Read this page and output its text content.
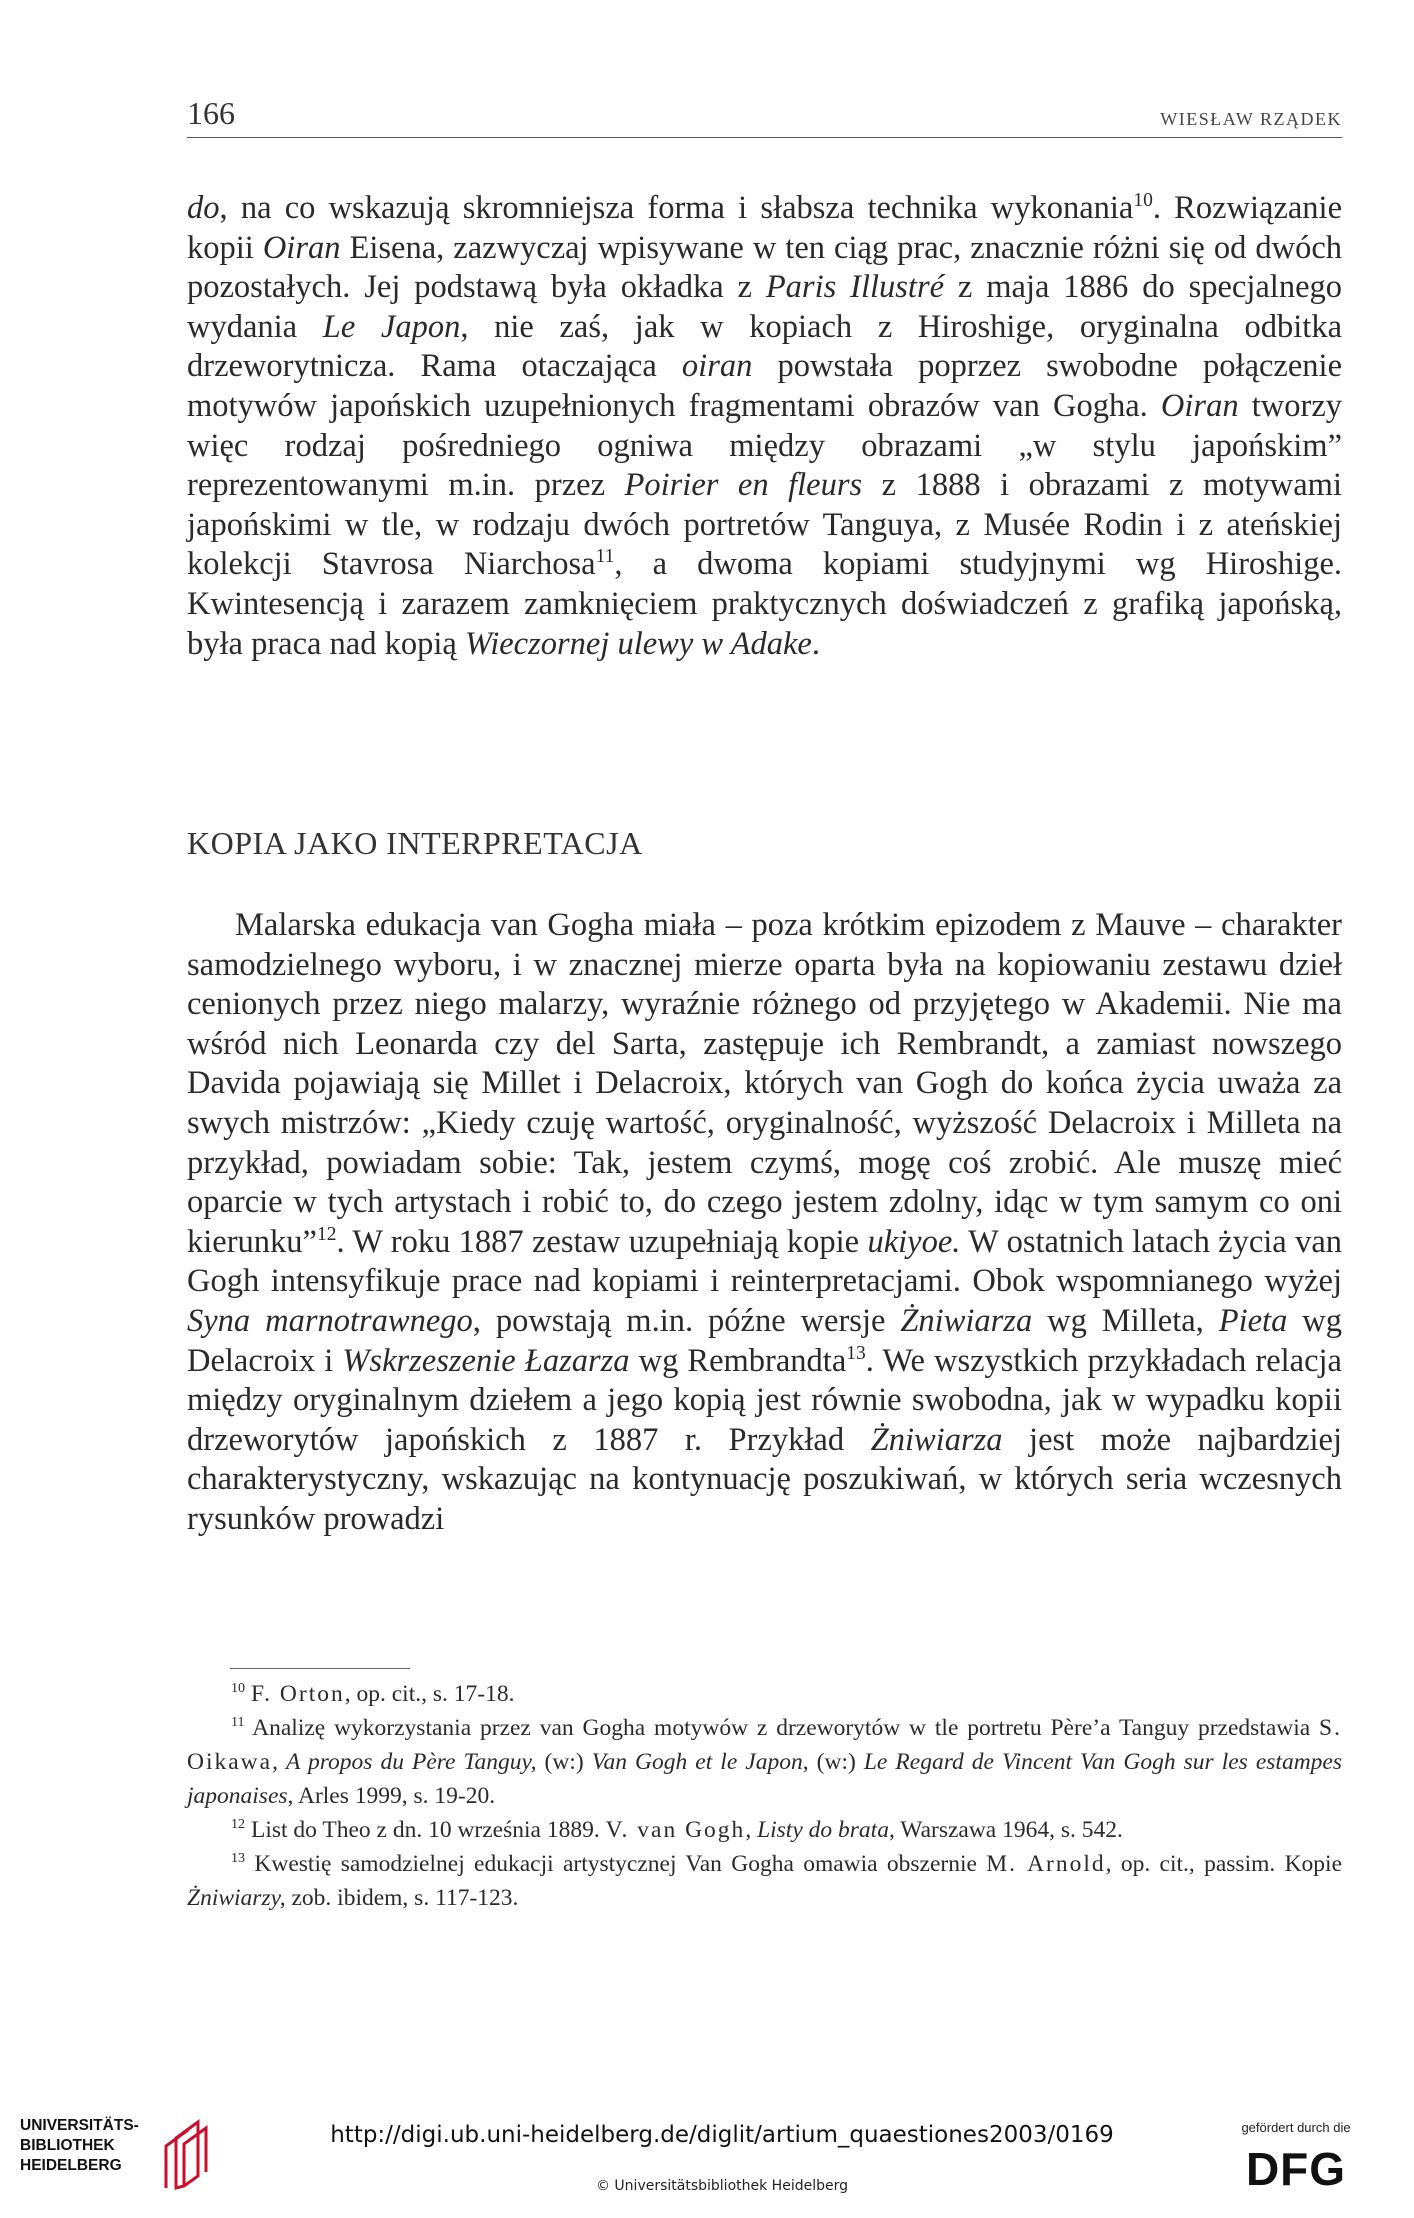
166	WIESŁAW RZĄDEK

do, na co wskazują skromniejsza forma i słabsza technika wykonania$^{10}$. Rozwiązanie kopii Oiran Eisena, zazwyczaj wpisywane w ten ciąg prac, znacznie różni się od dwóch pozostałych. Jej podstawą była okładka z Paris Illustré z maja 1886 do specjalnego wydania Le Japon, nie zaś, jak w kopiach z Hiroshige, oryginalna odbitka drzeworytnicza. Rama otaczająca oiran powstała poprzez swobodne połączenie motywów japońskich uzupełnionych fragmentami obrazów van Gogha. Oiran tworzy więc rodzaj pośredniego ogniwa między obrazami „w stylu japońskim” reprezentowanymi m.in. przez Poirier en fleurs z 1888 i obrazami z motywami japońskimi w tle, w rodzaju dwóch portretów Tanguya, z Musée Rodin i z ateńskiej kolekcji Stavrosa Niarchosa$^{11}$, a dwoma kopiami studyjnymi wg Hiroshige. Kwintesencją i zarazem zamknięciem praktycznych doświadczeń z grafiką japońską, była praca nad kopią Wieczornej ulewy w Adake.

KOPIA JAKO INTERPRETACJA

Malarska edukacja van Gogha miała – poza krótkim epizodem z Mauve – charakter samodzielnego wyboru, i w znacznej mierze oparta była na kopiowaniu zestawu dzieł cenionych przez niego malarzy, wyraźnie różnego od przyjętego w Akademii. Nie ma wśród nich Leonarda czy del Sarta, zastępuje ich Rembrandt, a zamiast nowszego Davida pojawiają się Millet i Delacroix, których van Gogh do końca życia uważa za swych mistrzów: „Kiedy czuję wartość, oryginalność, wyższość Delacroix i Milleta na przykład, powiadam sobie: Tak, jestem czymś, mogę coś zrobić. Ale muszę mieć oparcie w tych artystach i robić to, do czego jestem zdolny, idąc w tym samym co oni kierunku”$^{12}$. W roku 1887 zestaw uzupełniają kopie ukiyoe. W ostatnich latach życia van Gogh intensyfikuje prace nad kopiami i reinterpretacjami. Obok wspomnianego wyżej Syna marnotrawnego, powstają m.in. późne wersje Żniwiarza wg Milleta, Pieta wg Delacroix i Wskrzeszenie Łazarza wg Rembrandta$^{13}$. We wszystkich przykładach relacja między oryginalnym dziełem a jego kopią jest równie swobodna, jak w wypadku kopii drzeworytów japońskich z 1887 r. Przykład Żniwiarza jest może najbardziej charakterystyczny, wskazując na kontynuację poszukiwań, w których seria wczesnych rysunków prowadzi

$^{10}$ F. Orton, op. cit., s. 17-18.

$^{11}$ Analizę wykorzystania przez van Gogha motywów z drzeworytów w tle portretu Père’a Tanguy przedstawia S. Oikawa, A propos du Père Tanguy, (w:) Van Gogh et le Japon, (w:) Le Regard de Vincent Van Gogh sur les estampes japonaises, Arles 1999, s. 19-20.

$^{12}$ List do Theo z dn. 10 września 1889. V. van Gogh, Listy do brata, Warszawa 1964, s. 542.

$^{13}$ Kwestię samodzielnej edukacji artystycznej Van Gogha omawia obszernie M. Arnold, op. cit., passim. Kopie Żniwiarzy, zob. ibidem, s. 117-123.

UNIVERSITÄTS-
BIBLIOTHEK
HEIDELBERG
http://digi.ub.uni-heidelberg.de/diglit/artium_quaestiones2003/0169
© Universitätsbibliothek Heidelberg
gefördert durch die
DFG
